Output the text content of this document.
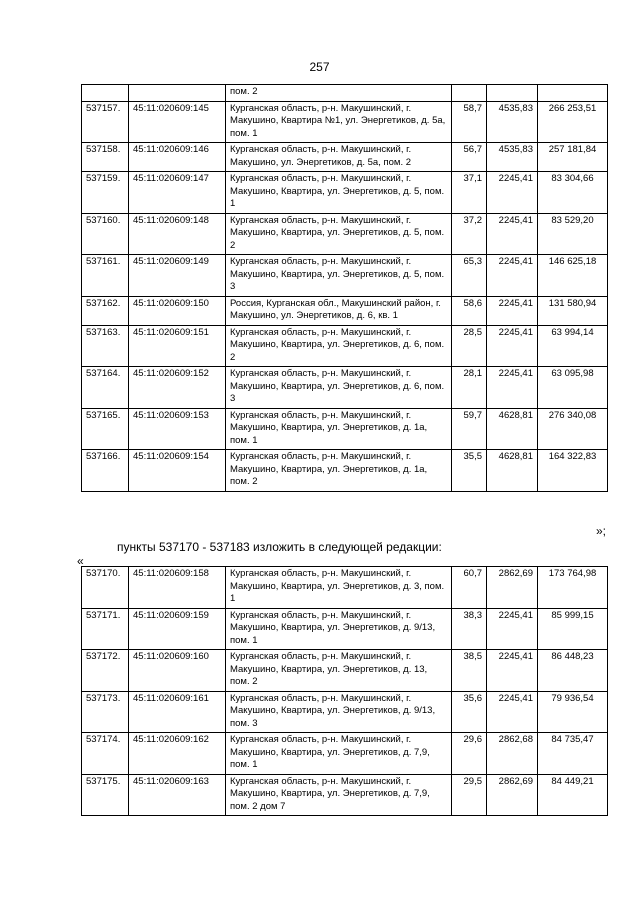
257
		пом. 2			
537157.	45:11:020609:145	Курганская область, р-н. Макушинский, г. Макушино, Квартира №1, ул. Энергетиков, д. 5а, пом. 1	58,7	4535,83	266 253,51
537158.	45:11:020609:146	Курганская область, р-н. Макушинский, г. Макушино, ул. Энергетиков, д. 5а, пом. 2	56,7	4535,83	257 181,84
537159.	45:11:020609:147	Курганская область, р-н. Макушинский, г. Макушино, Квартира, ул. Энергетиков, д. 5, пом. 1	37,1	2245,41	83 304,66
537160.	45:11:020609:148	Курганская область, р-н. Макушинский, г. Макушино, Квартира, ул. Энергетиков, д. 5, пом. 2	37,2	2245,41	83 529,20
537161.	45:11:020609:149	Курганская область, р-н. Макушинский, г. Макушино, Квартира, ул. Энергетиков, д. 5, пом. 3	65,3	2245,41	146 625,18
537162.	45:11:020609:150	Россия, Курганская обл., Макушинский район, г. Макушино, ул. Энергетиков, д. 6, кв. 1	58,6	2245,41	131 580,94
537163.	45:11:020609:151	Курганская область, р-н. Макушинский, г. Макушино, Квартира, ул. Энергетиков, д. 6, пом. 2	28,5	2245,41	63 994,14
537164.	45:11:020609:152	Курганская область, р-н. Макушинский, г. Макушино, Квартира, ул. Энергетиков, д. 6, пом. 3	28,1	2245,41	63 095,98
537165.	45:11:020609:153	Курганская область, р-н. Макушинский, г. Макушино, Квартира, ул. Энергетиков, д. 1а, пом. 1	59,7	4628,81	276 340,08
537166.	45:11:020609:154	Курганская область, р-н. Макушинский, г. Макушино, Квартира, ул. Энергетиков, д. 1а, пом. 2	35,5	4628,81	164 322,83
»;
пункты 537170 - 537183 изложить в следующей редакции:
«
537170.	45:11:020609:158	Курганская область, р-н. Макушинский, г. Макушино, Квартира, ул. Энергетиков, д. 3, пом. 1	60,7	2862,69	173 764,98
537171.	45:11:020609:159	Курганская область, р-н. Макушинский, г. Макушино, Квартира, ул. Энергетиков, д. 9/13, пом. 1	38,3	2245,41	85 999,15
537172.	45:11:020609:160	Курганская область, р-н. Макушинский, г. Макушино, Квартира, ул. Энергетиков, д. 13, пом. 2	38,5	2245,41	86 448,23
537173.	45:11:020609:161	Курганская область, р-н. Макушинский, г. Макушино, Квартира, ул. Энергетиков, д. 9/13, пом. 3	35,6	2245,41	79 936,54
537174.	45:11:020609:162	Курганская область, р-н. Макушинский, г. Макушино, Квартира, ул. Энергетиков, д. 7,9, пом. 1	29,6	2862,68	84 735,47
537175.	45:11:020609:163	Курганская область, р-н. Макушинский, г. Макушино, Квартира, ул. Энергетиков, д. 7,9, пом. 2 дом 7	29,5	2862,69	84 449,21
